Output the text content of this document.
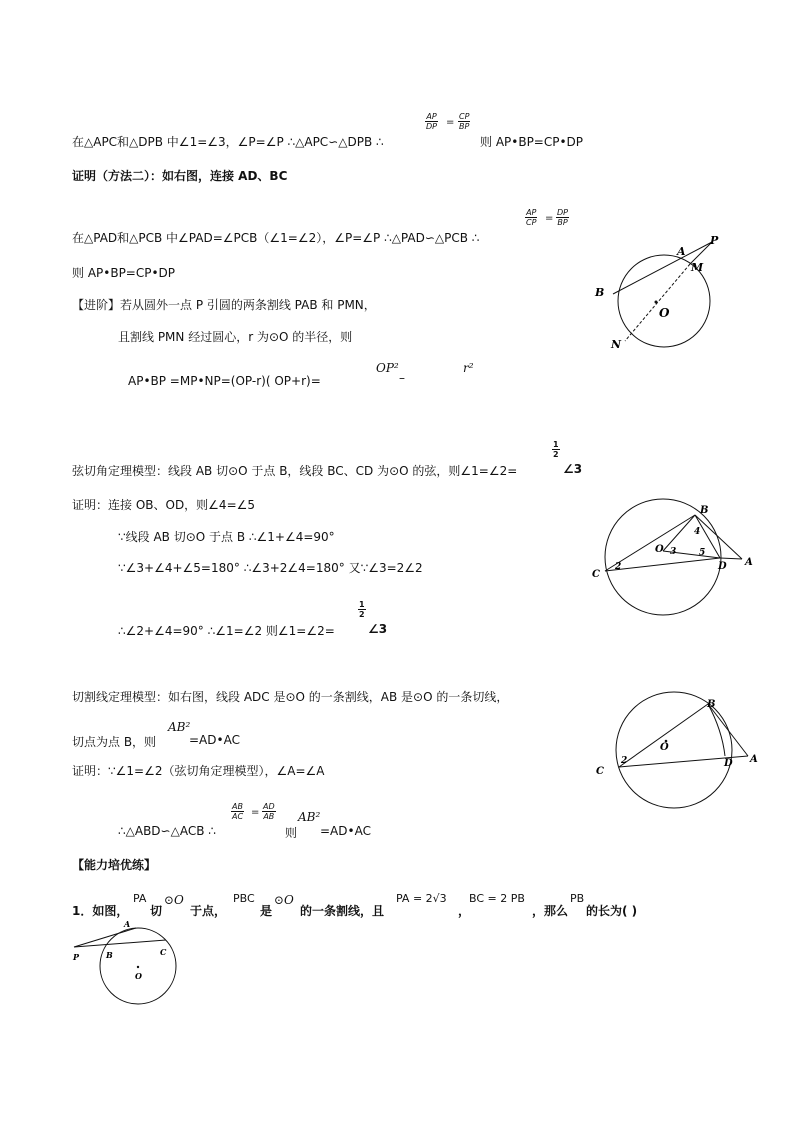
在△APC和△DPB 中∠1=∠3，∠P=∠P ∴△APC∽△DPB ∴
$\frac{AP}{DP} = \frac{CP}{BP}$
则 AP•BP=CP•DP
证明（方法二）：如右图，连接 AD、BC
在△PAD和△PCB 中∠PAD=∠PCB（∠1=∠2），∠P=∠P ∴△PAD∽△PCB ∴
$\frac{AP}{CP} = \frac{DP}{BP}$
则 AP•BP=CP•DP
【进阶】若从圆外一点 P 引圆的两条割线 PAB 和 PMN，
且割线 PMN 经过圆心，r 为⊙O 的半径，则
AP•BP =MP•NP=(OP-r)( OP+r)=
OP²
–
r²
P
A
M
B
O
N
弦切角定理模型：线段 AB 切⊙O 于点 B，线段 BC、CD 为⊙O 的弦，则∠1=∠2=
$\frac{1}{2}$
∠3
证明：连接 OB、OD，则∠4=∠5
∵线段 AB 切⊙O 于点 B ∴∠1+∠4=90°
∵∠3+∠4+∠5=180° ∴∠3+2∠4=180° 又∵∠3=2∠2
∴∠2+∠4=90° ∴∠1=∠2 则∠1=∠2=
$\frac{1}{2}$
∠3
B
C
D A
O
4
3	5
2
切割线定理模型：如右图，线段 ADC 是⊙O 的一条割线，AB 是⊙O 的一条切线，
切点为点 B，则
AB²
=AD•AC
证明：∵∠1=∠2（弦切角定理模型），∠A=∠A
∴△ABD∽△ACB ∴
$\frac{AB}{AC} = \frac{AD}{AB}$
则
AB²
=AD•AC
B
C
D A
O
2
【能力培优练】
1．如图，
PA
切
⊙O
于点，
PBC
是
⊙O
的一条割线，且
PA = 2√3
，
BC = 2 PB
，那么
PB
的长为( )
A
P	B	C
O
